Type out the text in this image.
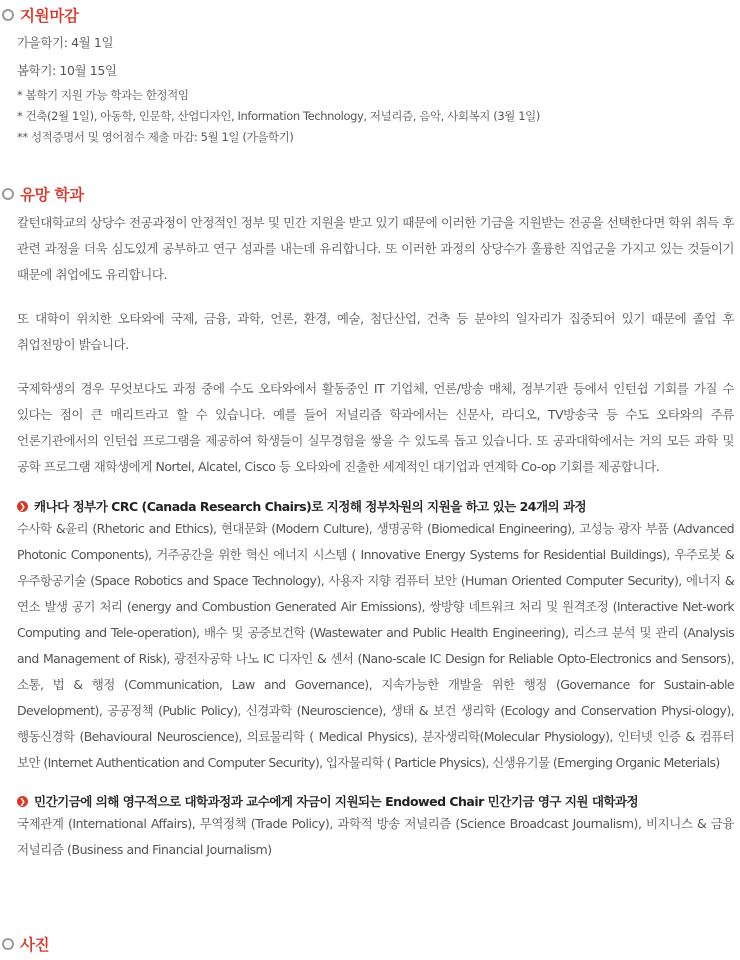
지원마감
가을학기: 4월 1일
봄학기: 10월 15일
* 봄학기 지원 가능 학과는 한정적임
* 건축(2월 1일), 아동학, 인문학, 산업디자인, Information Technology, 저널리즘, 음악, 사회복지 (3월 1일)
** 성적증명서 및 영어점수 제출 마감: 5월 1일 (가을학기)
유망 학과
칼턴대학교의 상당수 전공과정이 안정적인 정부 및 민간 지원을 받고 있기 때문에 이러한 기금을 지원받는 전공을 선택한다면 학위 취득 후 관련 과정을 더욱 심도있게 공부하고 연구 성과를 내는데 유리합니다. 또 이러한 과정의 상당수가 훌륭한 직업군을 가지고 있는 것들이기 때문에 취업에도 유리합니다.
또 대학이 위치한 오타와에 국제, 금융, 과학, 언론, 환경, 예술, 첨단산업, 건축 등 분야의 일자리가 집중되어 있기 때문에 졸업 후 취업전망이 밝습니다.
국제학생의 경우 무엇보다도 과정 중에 수도 오타와에서 활동중인 IT 기업체, 언론/방송 매체, 정부기관 등에서 인턴쉽 기회를 가질 수 있다는 점이 큰 매리트라고 할 수 있습니다. 예를 들어 저널리즘 학과에서는 신문사, 라디오, TV방송국 등 수도 오타와의 주류 언론기관에서의 인턴쉽 프로그램을 제공하여 학생들이 실무경험을 쌓을 수 있도록 돕고 있습니다. 또 공과대학에서는 거의 모든 과학 및 공학 프로그램 재학생에게 Nortel, Alcatel, Cisco 등 오타와에 진출한 세계적인 대기업과 연계학 Co-op 기회를 제공합니다.
❯ 캐나다 정부가 CRC (Canada Research Chairs)로 지정해 정부차원의 지원을 하고 있는 24개의 과정
수사학 &윤리 (Rhetoric and Ethics), 현대문화 (Modern Culture), 생명공학 (Biomedical Engineering), 고성능 광자 부품 (Advanced Photonic Components), 거주공간을 위한 혁신 에너지 시스템 ( Innovative Energy Systems for Residential Buildings), 우주로봇 &우주항공기술 (Space Robotics and Space Technology), 사용자 지향 컴퓨터 보안 (Human Oriented Computer Security), 에너지 & 연소 발생 공기 처리 (energy and Combustion Generated Air Emissions), 쌍방향 네트워크 처리 및 원격조정 (Interactive Net-work Computing and Tele-operation), 배수 및 공중보건학 (Wastewater and Public Health Engineering), 리스크 분석 및 관리 (Analysis and Management of Risk), 광전자공학 나노 IC 디자인 & 센서 (Nano-scale IC Design for Reliable Opto-Electronics and Sensors), 소통, 법 & 행정 (Communication, Law and Governance), 지속가능한 개발을 위한 행정 (Governance for Sustain-able Development), 공공정책 (Public Policy), 신경과학 (Neuroscience), 생태 & 보건 생리학 (Ecology and Conservation Physi-ology), 행동신경학 (Behavioural Neuroscience), 의료물리학 ( Medical Physics), 분자생리학(Molecular Physiology), 인터넷 인증 & 컴퓨터 보안 (Internet Authentication and Computer Security), 입자물리학 ( Particle Physics), 신생유기물 (Emerging Organic Meterials)
❯ 민간기금에 의해 영구적으로 대학과정과 교수에게 자금이 지원되는 Endowed Chair 민간기금 영구 지원 대학과정
국제관계 (International Affairs), 무역정책 (Trade Policy), 과학적 방송 저널리즘 (Science Broadcast Journalism), 비지니스 & 금융 저널리즘 (Business and Financial Journalism)
사진
